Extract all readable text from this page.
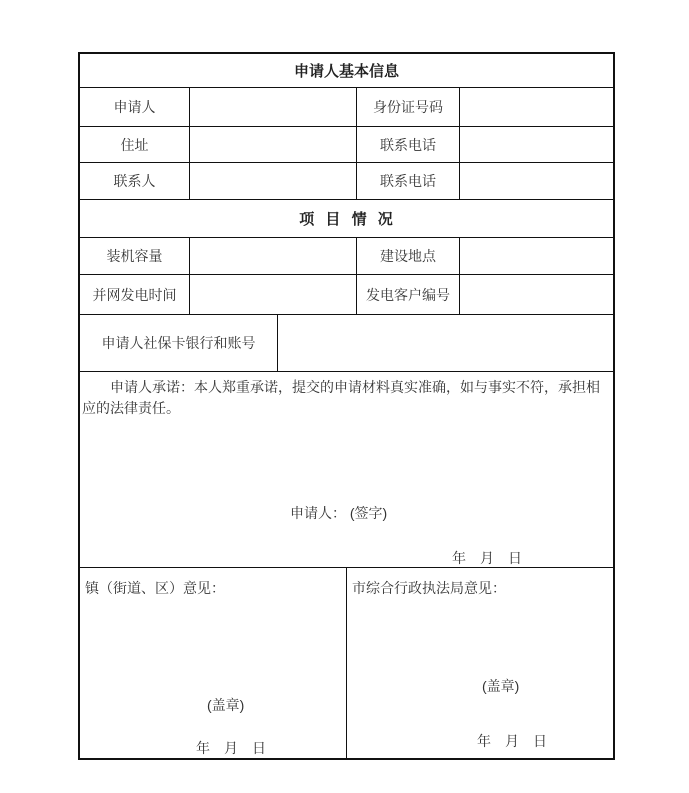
申请人基本信息
申请人	身份证号码
住址	联系电话
联系人	联系电话
项 目 情 况
装机容量	建设地点
并网发电时间	发电客户编号
申请人社保卡银行和账号
申请人承诺：本人郑重承诺，提交的申请材料真实准确，如与事实不符，承担相应的法律责任。
申请人： (签字)
年　月　日
镇（街道、区）意见：
(盖章)
年　月　日
市综合行政执法局意见：
(盖章)
年　月　日
